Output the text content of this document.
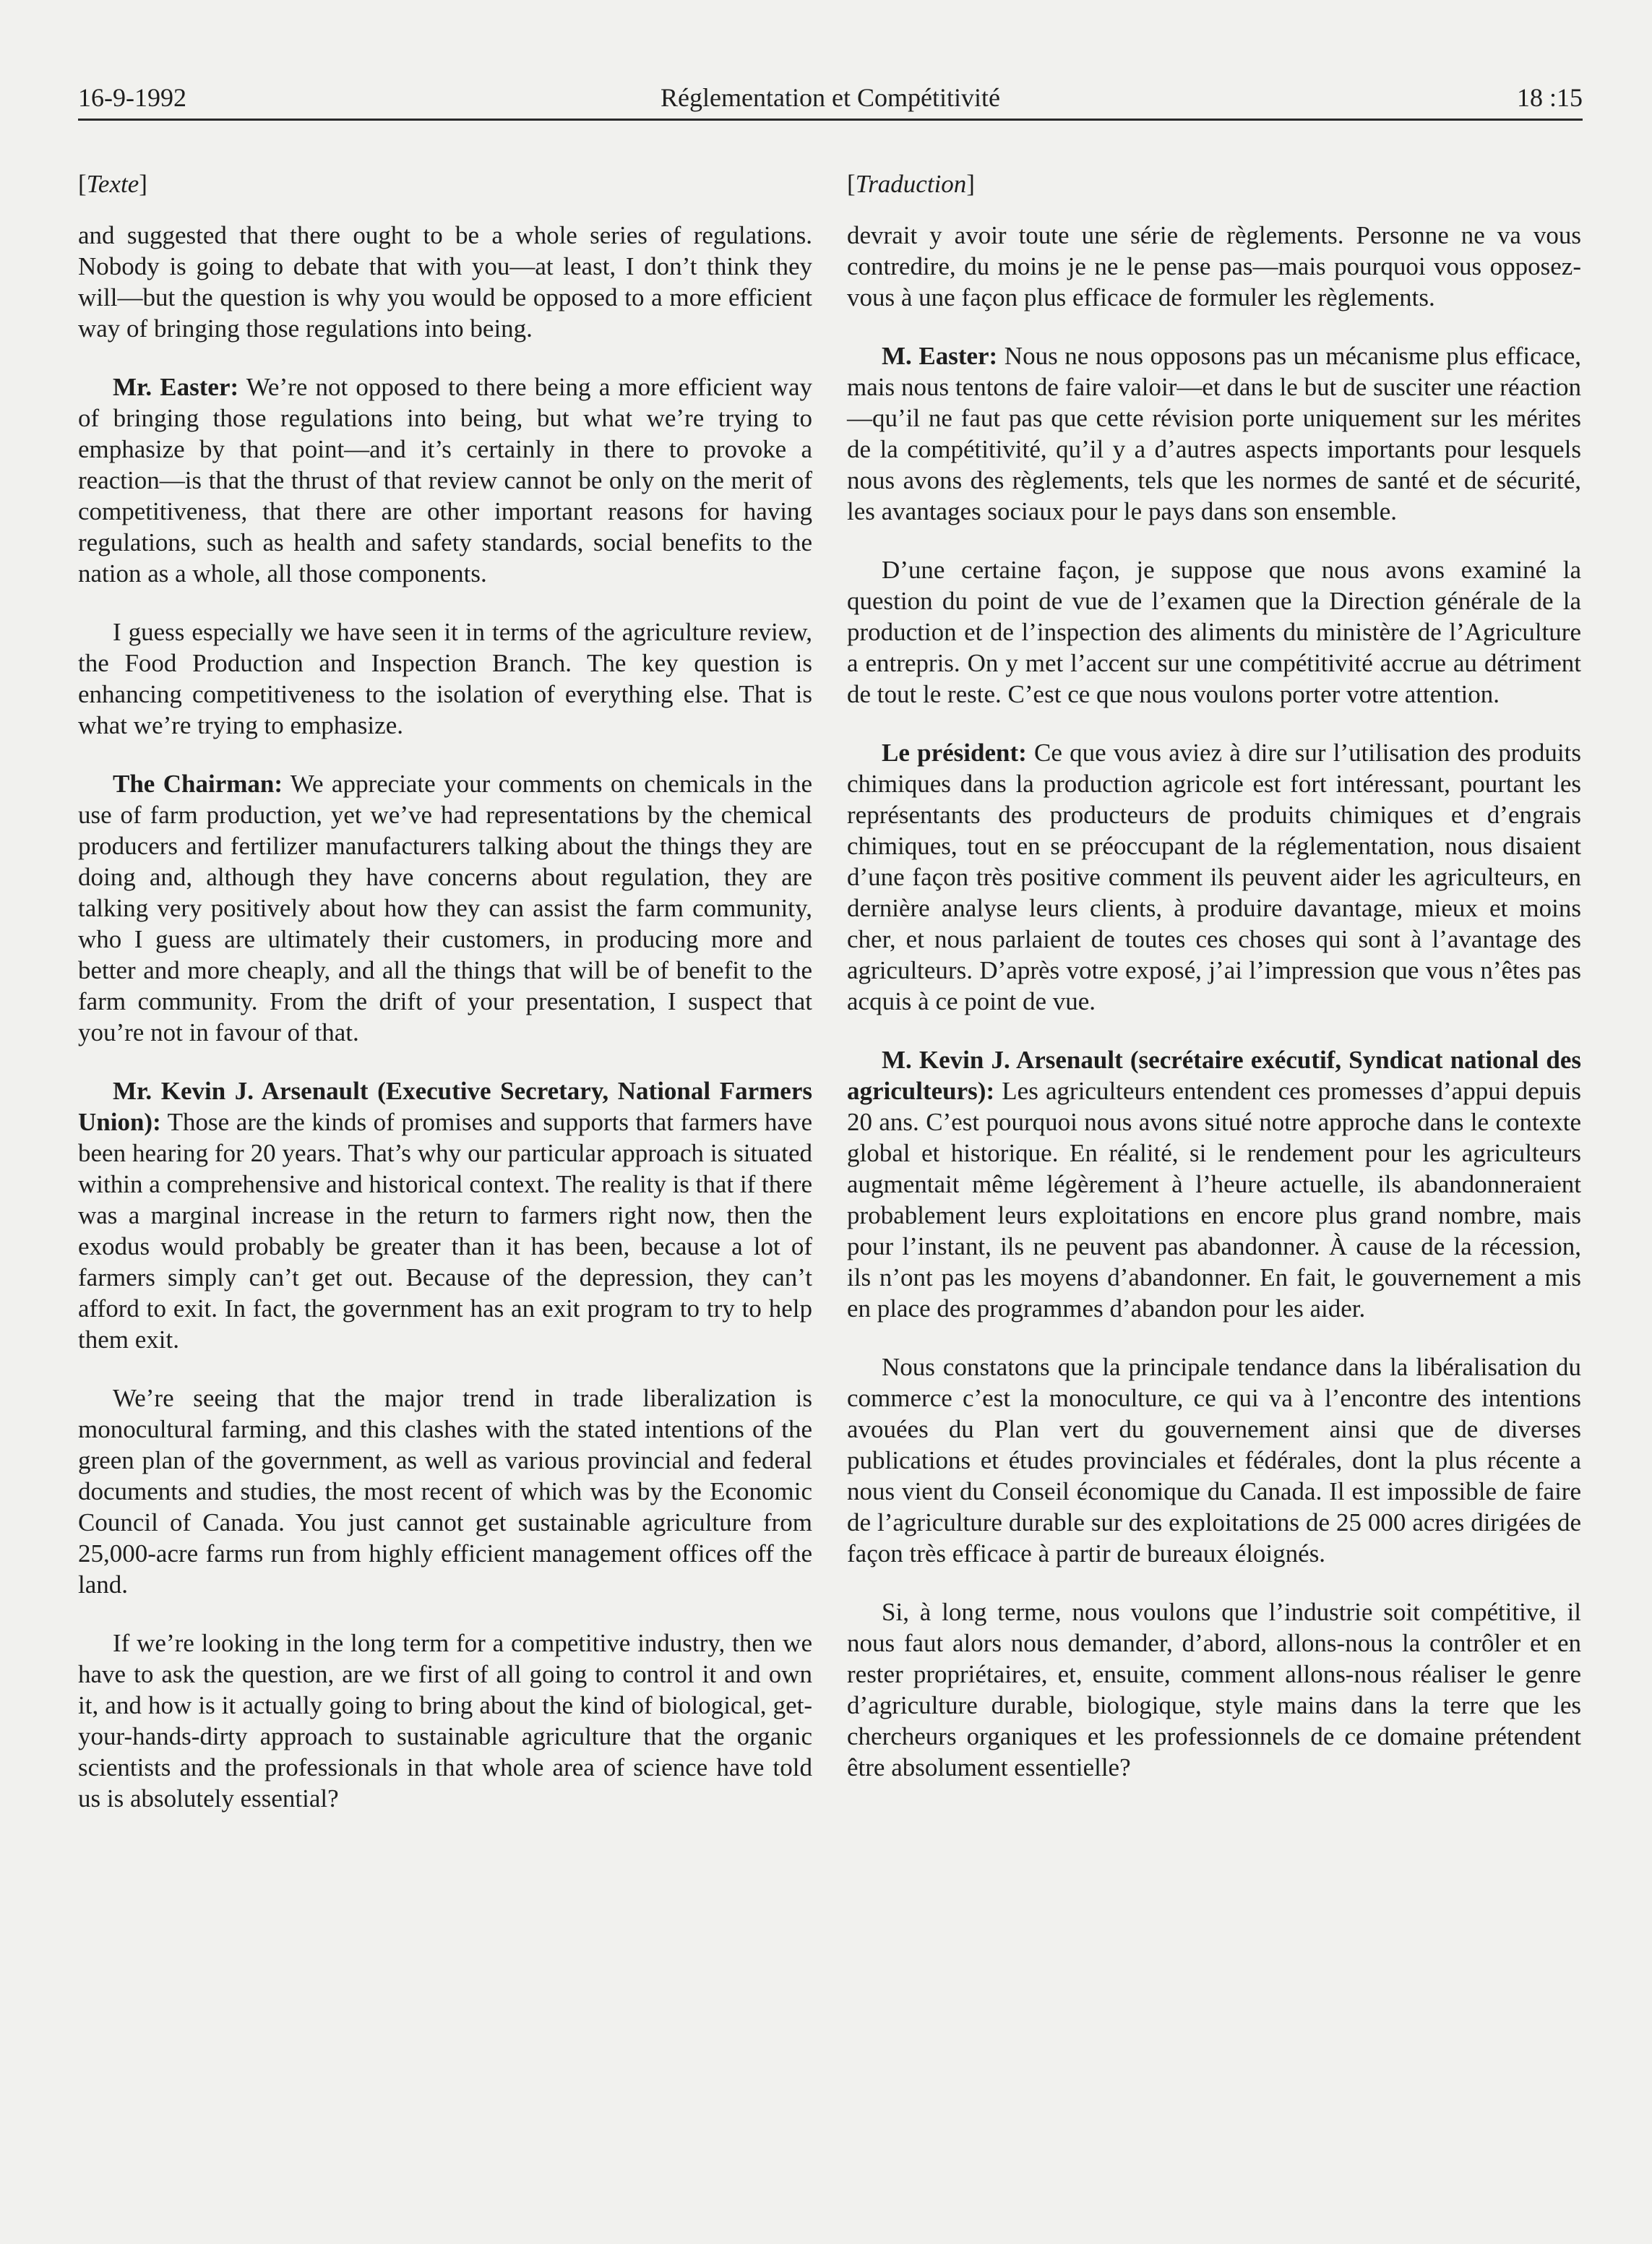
16-9-1992	Réglementation et Compétitivité	18 :15
[Texte]

and suggested that there ought to be a whole series of regulations. Nobody is going to debate that with you—at least, I don’t think they will—but the question is why you would be opposed to a more efficient way of bringing those regulations into being.

Mr. Easter: We’re not opposed to there being a more efficient way of bringing those regulations into being, but what we’re trying to emphasize by that point—and it’s certainly in there to provoke a reaction—is that the thrust of that review cannot be only on the merit of competitiveness, that there are other important reasons for having regulations, such as health and safety standards, social benefits to the nation as a whole, all those components.

I guess especially we have seen it in terms of the agriculture review, the Food Production and Inspection Branch. The key question is enhancing competitiveness to the isolation of everything else. That is what we’re trying to emphasize.

The Chairman: We appreciate your comments on chemicals in the use of farm production, yet we’ve had representations by the chemical producers and fertilizer manufacturers talking about the things they are doing and, although they have concerns about regulation, they are talking very positively about how they can assist the farm community, who I guess are ultimately their customers, in producing more and better and more cheaply, and all the things that will be of benefit to the farm community. From the drift of your presentation, I suspect that you’re not in favour of that.

Mr. Kevin J. Arsenault (Executive Secretary, National Farmers Union): Those are the kinds of promises and supports that farmers have been hearing for 20 years. That’s why our particular approach is situated within a comprehensive and historical context. The reality is that if there was a marginal increase in the return to farmers right now, then the exodus would probably be greater than it has been, because a lot of farmers simply can’t get out. Because of the depression, they can’t afford to exit. In fact, the government has an exit program to try to help them exit.

We’re seeing that the major trend in trade liberalization is monocultural farming, and this clashes with the stated intentions of the green plan of the government, as well as various provincial and federal documents and studies, the most recent of which was by the Economic Council of Canada. You just cannot get sustainable agriculture from 25,000-acre farms run from highly efficient management offices off the land.

If we’re looking in the long term for a competitive industry, then we have to ask the question, are we first of all going to control it and own it, and how is it actually going to bring about the kind of biological, get-your-hands-dirty approach to sustainable agriculture that the organic scientists and the professionals in that whole area of science have told us is absolutely essential?

[Traduction]

devrait y avoir toute une série de règlements. Personne ne va vous contredire, du moins je ne le pense pas—mais pourquoi vous opposez-vous à une façon plus efficace de formuler les règlements.

M. Easter: Nous ne nous opposons pas un mécanisme plus efficace, mais nous tentons de faire valoir—et dans le but de susciter une réaction—qu’il ne faut pas que cette révision porte uniquement sur les mérites de la compétitivité, qu’il y a d’autres aspects importants pour lesquels nous avons des règlements, tels que les normes de santé et de sécurité, les avantages sociaux pour le pays dans son ensemble.

D’une certaine façon, je suppose que nous avons examiné la question du point de vue de l’examen que la Direction générale de la production et de l’inspection des aliments du ministère de l’Agriculture a entrepris. On y met l’accent sur une compétitivité accrue au détriment de tout le reste. C’est ce que nous voulons porter votre attention.

Le président: Ce que vous aviez à dire sur l’utilisation des produits chimiques dans la production agricole est fort intéressant, pourtant les représentants des producteurs de produits chimiques et d’engrais chimiques, tout en se préoccupant de la réglementation, nous disaient d’une façon très positive comment ils peuvent aider les agriculteurs, en dernière analyse leurs clients, à produire davantage, mieux et moins cher, et nous parlaient de toutes ces choses qui sont à l’avantage des agriculteurs. D’après votre exposé, j’ai l’impression que vous n’êtes pas acquis à ce point de vue.

M. Kevin J. Arsenault (secrétaire exécutif, Syndicat national des agriculteurs): Les agriculteurs entendent ces promesses d’appui depuis 20 ans. C’est pourquoi nous avons situé notre approche dans le contexte global et historique. En réalité, si le rendement pour les agriculteurs augmentait même légèrement à l’heure actuelle, ils abandonneraient probablement leurs exploitations en encore plus grand nombre, mais pour l’instant, ils ne peuvent pas abandonner. À cause de la récession, ils n’ont pas les moyens d’abandonner. En fait, le gouvernement a mis en place des programmes d’abandon pour les aider.

Nous constatons que la principale tendance dans la libéralisation du commerce c’est la monoculture, ce qui va à l’encontre des intentions avouées du Plan vert du gouvernement ainsi que de diverses publications et études provinciales et fédérales, dont la plus récente a nous vient du Conseil économique du Canada. Il est impossible de faire de l’agriculture durable sur des exploitations de 25 000 acres dirigées de façon très efficace à partir de bureaux éloignés.

Si, à long terme, nous voulons que l’industrie soit compétitive, il nous faut alors nous demander, d’abord, allons-nous la contrôler et en rester propriétaires, et, ensuite, comment allons-nous réaliser le genre d’agriculture durable, biologique, style mains dans la terre que les chercheurs organiques et les professionnels de ce domaine prétendent être absolument essentielle?
